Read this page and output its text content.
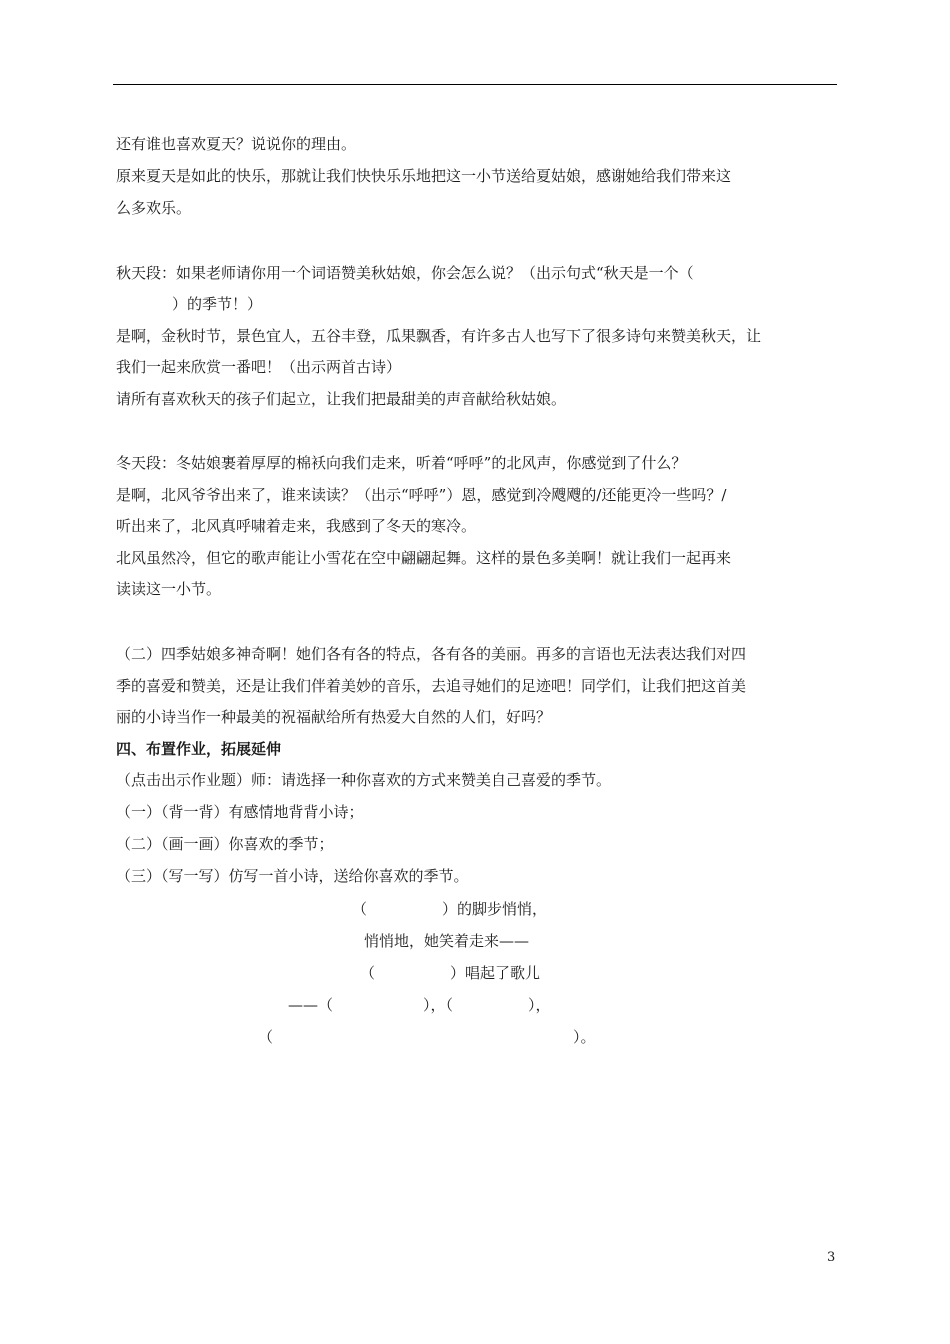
还有谁也喜欢夏天？说说你的理由。
原来夏天是如此的快乐，那就让我们快快乐乐地把这一小节送给夏姑娘，感谢她给我们带来这
么多欢乐。
秋天段：如果老师请你用一个词语赞美秋姑娘，你会怎么说？（出示句式“秋天是一个（
）的季节！）
是啊，金秋时节，景色宜人，五谷丰登，瓜果飘香，有许多古人也写下了很多诗句来赞美秋天，让
我们一起来欣赏一番吧！（出示两首古诗）
请所有喜欢秋天的孩子们起立，让我们把最甜美的声音献给秋姑娘。
冬天段：冬姑娘裹着厚厚的棉袄向我们走来，听着“呼呼”的北风声，你感觉到了什么？
是啊，北风爷爷出来了，谁来读读？（出示“呼呼”）恩，感觉到冷飕飕的/还能更冷一些吗？/
听出来了，北风真呼啸着走来，我感到了冬天的寒冷。
北风虽然冷，但它的歌声能让小雪花在空中翩翩起舞。这样的景色多美啊！就让我们一起再来
读读这一小节。
（二）四季姑娘多神奇啊！她们各有各的特点，各有各的美丽。再多的言语也无法表达我们对四
季的喜爱和赞美，还是让我们伴着美妙的音乐，去追寻她们的足迹吧！同学们，让我们把这首美
丽的小诗当作一种最美的祝福献给所有热爱大自然的人们，好吗？
四、布置作业，拓展延伸
（点击出示作业题）师：请选择一种你喜欢的方式来赞美自己喜爱的季节。
（一）（背一背）有感情地背背小诗；
（二）（画一画）你喜欢的季节；
（三）（写一写）仿写一首小诗，送给你喜欢的季节。
（　　　　　）的脚步悄悄，
悄悄地，她笑着走来——
（　　　　　）唱起了歌儿
——（　　　　　　），（　　　　　），
（　　　　　　　　　　　　　　　　　　　　）。
3
